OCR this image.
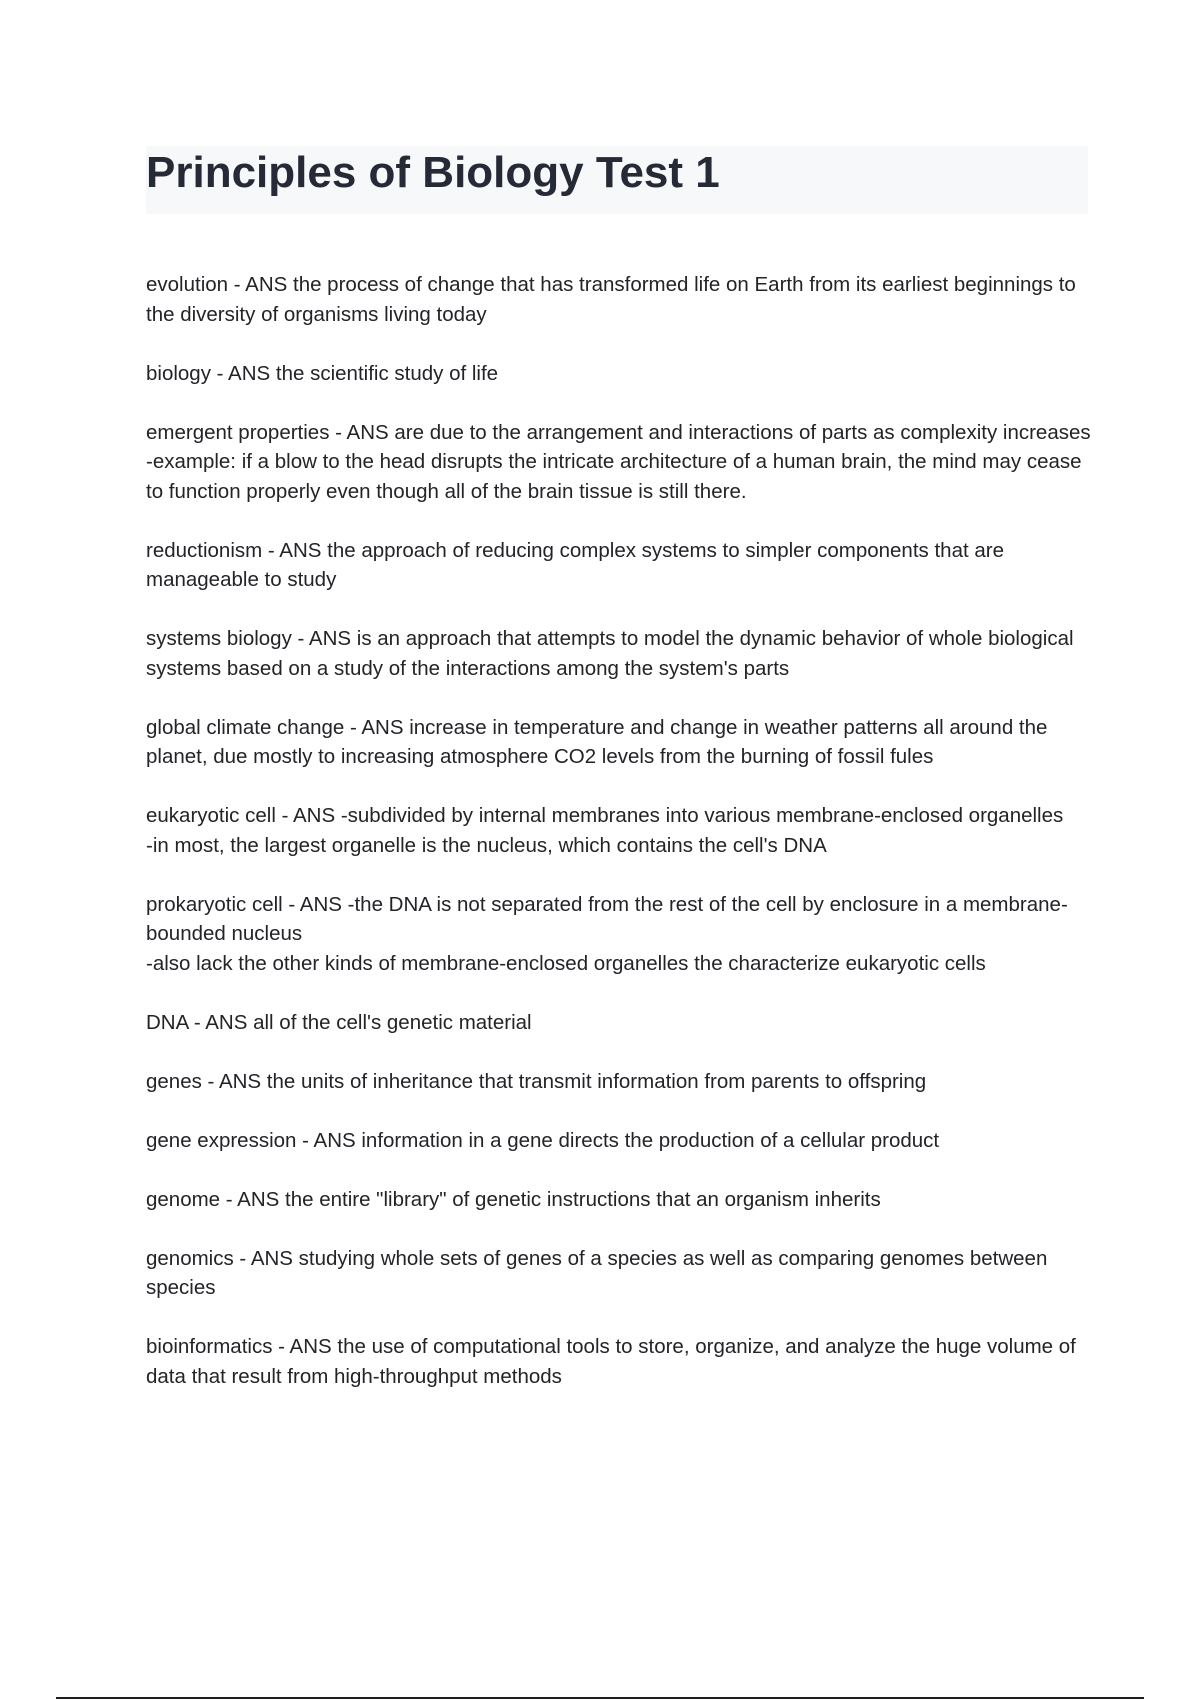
Principles of Biology Test 1

evolution - ANS the process of change that has transformed life on Earth from its earliest beginnings to the diversity of organisms living today

biology - ANS the scientific study of life

emergent properties - ANS are due to the arrangement and interactions of parts as complexity increases

-example: if a blow to the head disrupts the intricate architecture of a human brain, the mind may cease to function properly even though all of the brain tissue is still there.

reductionism - ANS the approach of reducing complex systems to simpler components that are manageable to study

systems biology - ANS is an approach that attempts to model the dynamic behavior of whole biological systems based on a study of the interactions among the system's parts

global climate change - ANS increase in temperature and change in weather patterns all around the planet, due mostly to increasing atmosphere CO2 levels from the burning of fossil fules

eukaryotic cell - ANS -subdivided by internal membranes into various membrane-enclosed organelles

-in most, the largest organelle is the nucleus, which contains the cell's DNA

prokaryotic cell - ANS -the DNA is not separated from the rest of the cell by enclosure in a membrane-bounded nucleus

-also lack the other kinds of membrane-enclosed organelles the characterize eukaryotic cells

DNA - ANS all of the cell's genetic material

genes - ANS the units of inheritance that transmit information from parents to offspring

gene expression - ANS information in a gene directs the production of a cellular product

genome - ANS the entire "library" of genetic instructions that an organism inherits

genomics - ANS studying whole sets of genes of a species as well as comparing genomes between species

bioinformatics - ANS the use of computational tools to store, organize, and analyze the huge volume of data that result from high-throughput methods
